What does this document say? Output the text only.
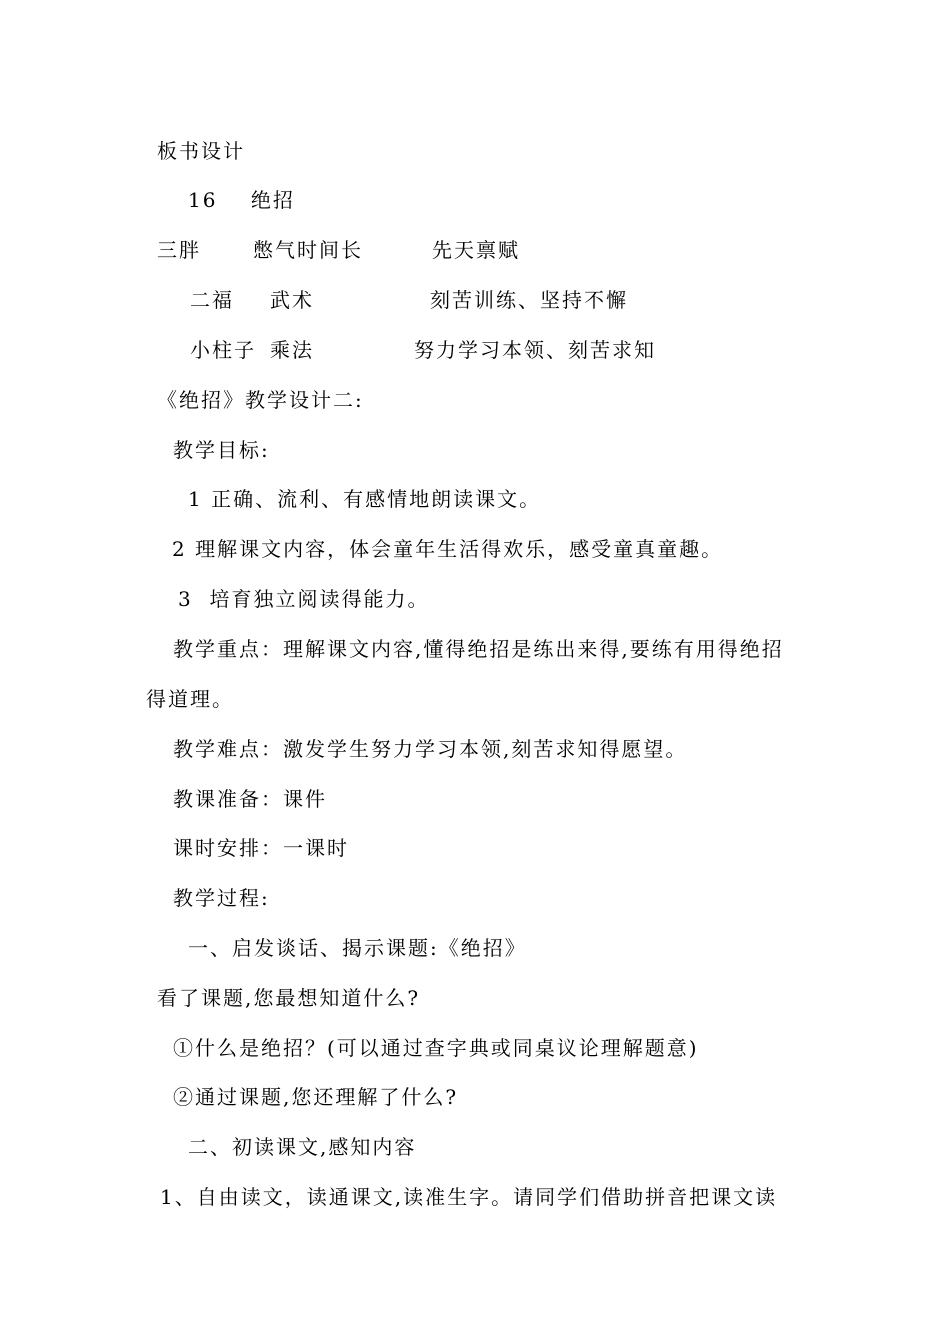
板书设计
16    绝招
三胖	憋气时间长	先天禀赋
二福 武术	刻苦训练、坚持不懈
小柱子 乘法	努力学习本领、刻苦求知
《绝招》教学设计二:
教学目标:
1 正确、流利、有感情地朗读课文。
2 理解课文内容，体会童年生活得欢乐，感受童真童趣。
3  培育独立阅读得能力。
教学重点：理解课文内容,懂得绝招是练出来得,要练有用得绝招
得道理。
教学难点：激发学生努力学习本领,刻苦求知得愿望。
教课准备：课件
课时安排：一课时
教学过程:
一、启发谈话、揭示课题:《绝招》
看了课题,您最想知道什么?
①什么是绝招？(可以通过查字典或同桌议论理解题意)
②通过课题,您还理解了什么?
二、初读课文,感知内容
1、自由读文，读通课文,读准生字。请同学们借助拼音把课文读
